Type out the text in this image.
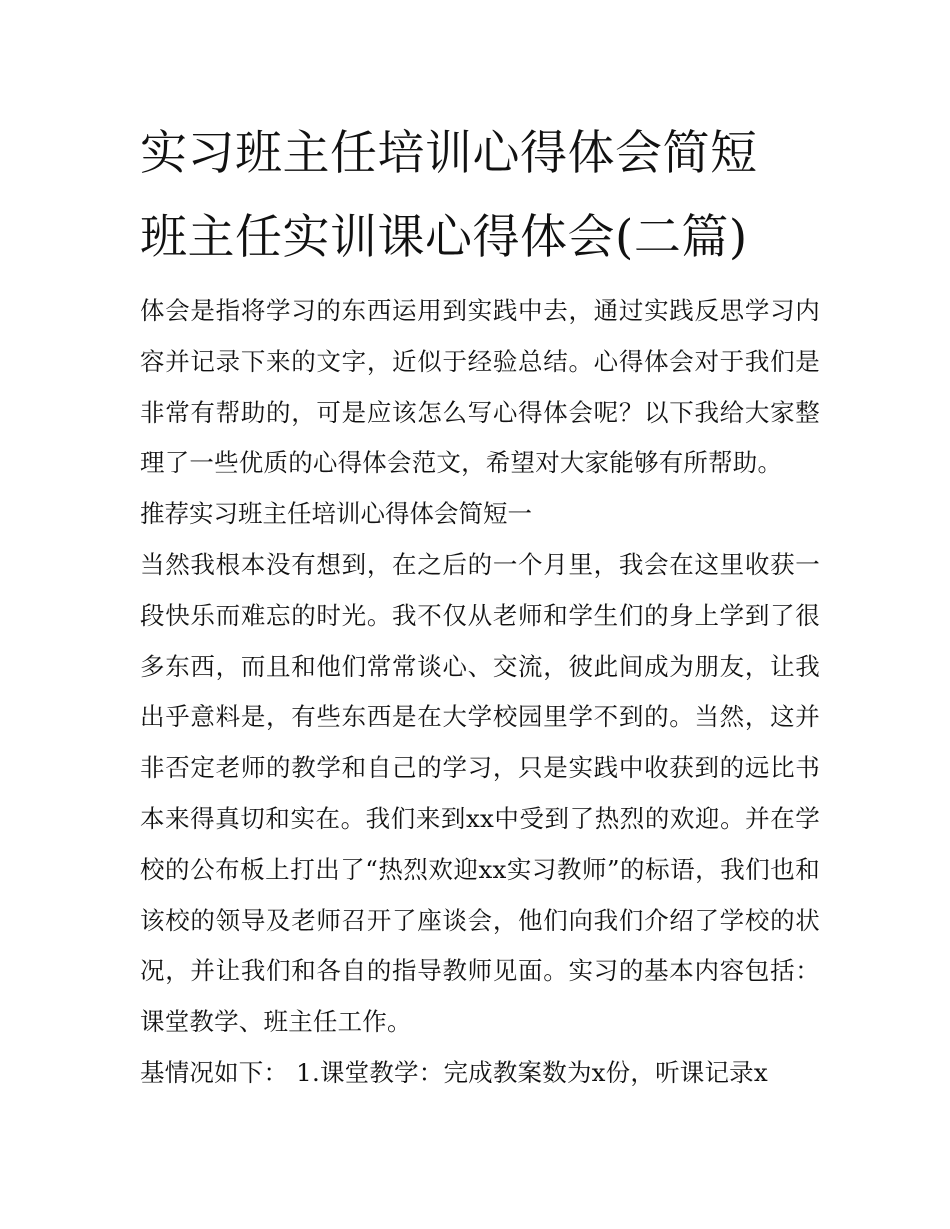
实习班主任培训心得体会简短
班主任实训课心得体会(二篇)

体会是指将学习的东西运用到实践中去，通过实践反思学习内容并记录下来的文字，近似于经验总结。心得体会对于我们是非常有帮助的，可是应该怎么写心得体会呢？以下我给大家整理了一些优质的心得体会范文，希望对大家能够有所帮助。

推荐实习班主任培训心得体会简短一

当然我根本没有想到，在之后的一个月里，我会在这里收获一段快乐而难忘的时光。我不仅从老师和学生们的身上学到了很多东西，而且和他们常常谈心、交流，彼此间成为朋友，让我出乎意料是，有些东西是在大学校园里学不到的。当然，这并非否定老师的教学和自己的学习，只是实践中收获到的远比书本来得真切和实在。我们来到xx中受到了热烈的欢迎。并在学校的公布板上打出了“热烈欢迎xx实习教师”的标语，我们也和该校的领导及老师召开了座谈会，他们向我们介绍了学校的状况，并让我们和各自的指导教师见面。实习的基本内容包括：课堂教学、班主任工作。

基情况如下： 1.课堂教学：完成教案数为x份，听课记录x
